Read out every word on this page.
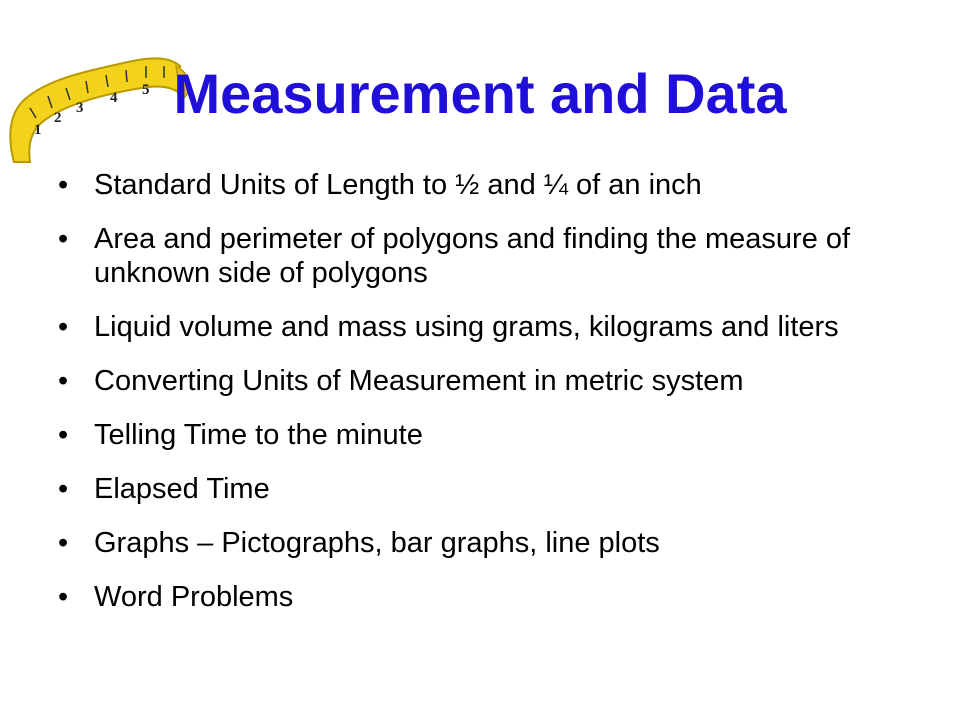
1
2
3
4 5 Measurement and Data
• Standard Units of Length to ½ and ¼ of an inch
• Area and perimeter of polygons and finding the measure of unknown side of polygons
• Liquid volume and mass using grams, kilograms and liters
• Converting Units of Measurement in metric system
• Telling Time to the minute
• Elapsed Time
• Graphs – Pictographs, bar graphs, line plots
• Word Problems
